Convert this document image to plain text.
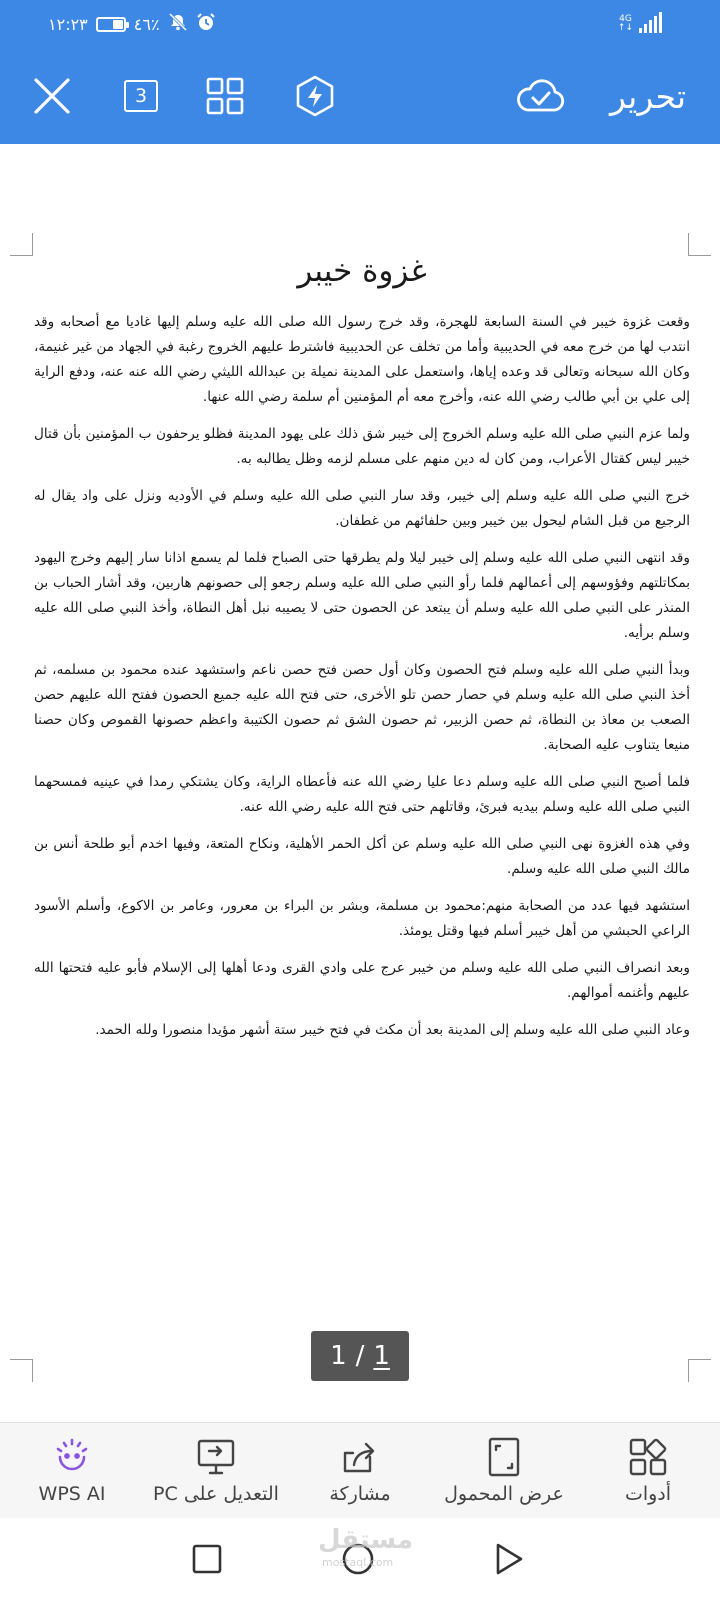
١٢:٢٣	٤٦٪	4G
↑↓
3	تحرير
غزوة خيبر

وقعت غزوة خيبر في السنة السابعة للهجرة، وقد خرج رسول الله صلى الله عليه وسلم إليها غاديا مع أصحابه وقد انتدب لها من خرج معه في الحديبية وأما من تخلف عن الحديبية فاشترط عليهم الخروج رغبة في الجهاد من غير غنيمة، وكان الله سبحانه وتعالى قد وعده إياها، واستعمل على المدينة نميلة بن عبدالله الليثي رضي الله عنه عنه، ودفع الراية إلى علي بن أبي طالب رضي الله عنه، وأخرج معه أم المؤمنين أم سلمة رضي الله عنها.

ولما عزم النبي صلى الله عليه وسلم الخروج إلى خيبر شق ذلك على يهود المدينة فظلو يرحفون ب المؤمنين بأن قتال خيبر ليس كقتال الأعراب، ومن كان له دين منهم على مسلم لزمه وظل يطالبه به.

خرج النبي صلى الله عليه وسلم إلى خيبر، وقد سار النبي صلى الله عليه وسلم في الأوديه ونزل على واد يقال له الرجيع من قبل الشام ليحول بين خيبر وبين حلفائهم من غطفان.

وقد انتهى النبي صلى الله عليه وسلم إلى خيبر ليلا ولم يطرقها حتى الصباح فلما لم يسمع اذانا سار إليهم وخرج اليهود بمكاتلتهم وفؤوسهم إلى أعمالهم فلما رأو النبي صلى الله عليه وسلم رجعو إلى حصونهم هاربين، وقد أشار الحباب بن المنذر على النبي صلى الله عليه وسلم أن يبتعد عن الحصون حتى لا يصيبه نبل أهل النطاة، وأخذ النبي صلى الله عليه وسلم برأيه.

وبدأ النبي صلى الله عليه وسلم فتح الحصون وكان أول حصن فتح حصن ناعم واستشهد عنده محمود بن مسلمه، ثم أخذ النبي صلى الله عليه وسلم في حصار حصن تلو الأخرى، حتى فتح الله عليه جميع الحصون ففتح الله عليهم حصن الصعب بن معاذ بن النطاة، ثم حصن الزبير، ثم حصون الشق ثم حصون الكتيبة واعظم حصونها القموص وكان حصنا منيعا يتناوب عليه الصحابة.

فلما أصبح النبي صلى الله عليه وسلم دعا عليا رضي الله عنه فأعطاه الراية، وكان يشتكي رمدا في عينيه فمسحهما النبي صلى الله عليه وسلم بيديه فبرئ، وقاتلهم حتى فتح الله عليه رضي الله عنه.

وفي هذه الغزوة نهى النبي صلى الله عليه وسلم عن أكل الحمر الأهلية، ونكاح المتعة، وفيها اخدم أبو طلحة أنس بن مالك النبي صلى الله عليه وسلم.

استشهد فيها عدد من الصحابة منهم:محمود بن مسلمة، وبشر بن البراء بن معرور، وعامر بن الاكوع، وأسلم الأسود الراعي الحبشي من أهل خيبر أسلم فيها وقتل يومئذ.

وبعد انصراف النبي صلى الله عليه وسلم من خيبر عرج على وادي القرى ودعا أهلها إلى الإسلام فأبو عليه فتحتها الله عليهم وأغنمه أموالهم.

وعاد النبي صلى الله عليه وسلم إلى المدينة بعد أن مكث في فتح خيبر ستة أشهر مؤيدا منصورا ولله الحمد.

1 / 1
أدوات
عرض المحمول
مشاركة
التعديل على PC
WPS AI
مستقل
mostaql.com
